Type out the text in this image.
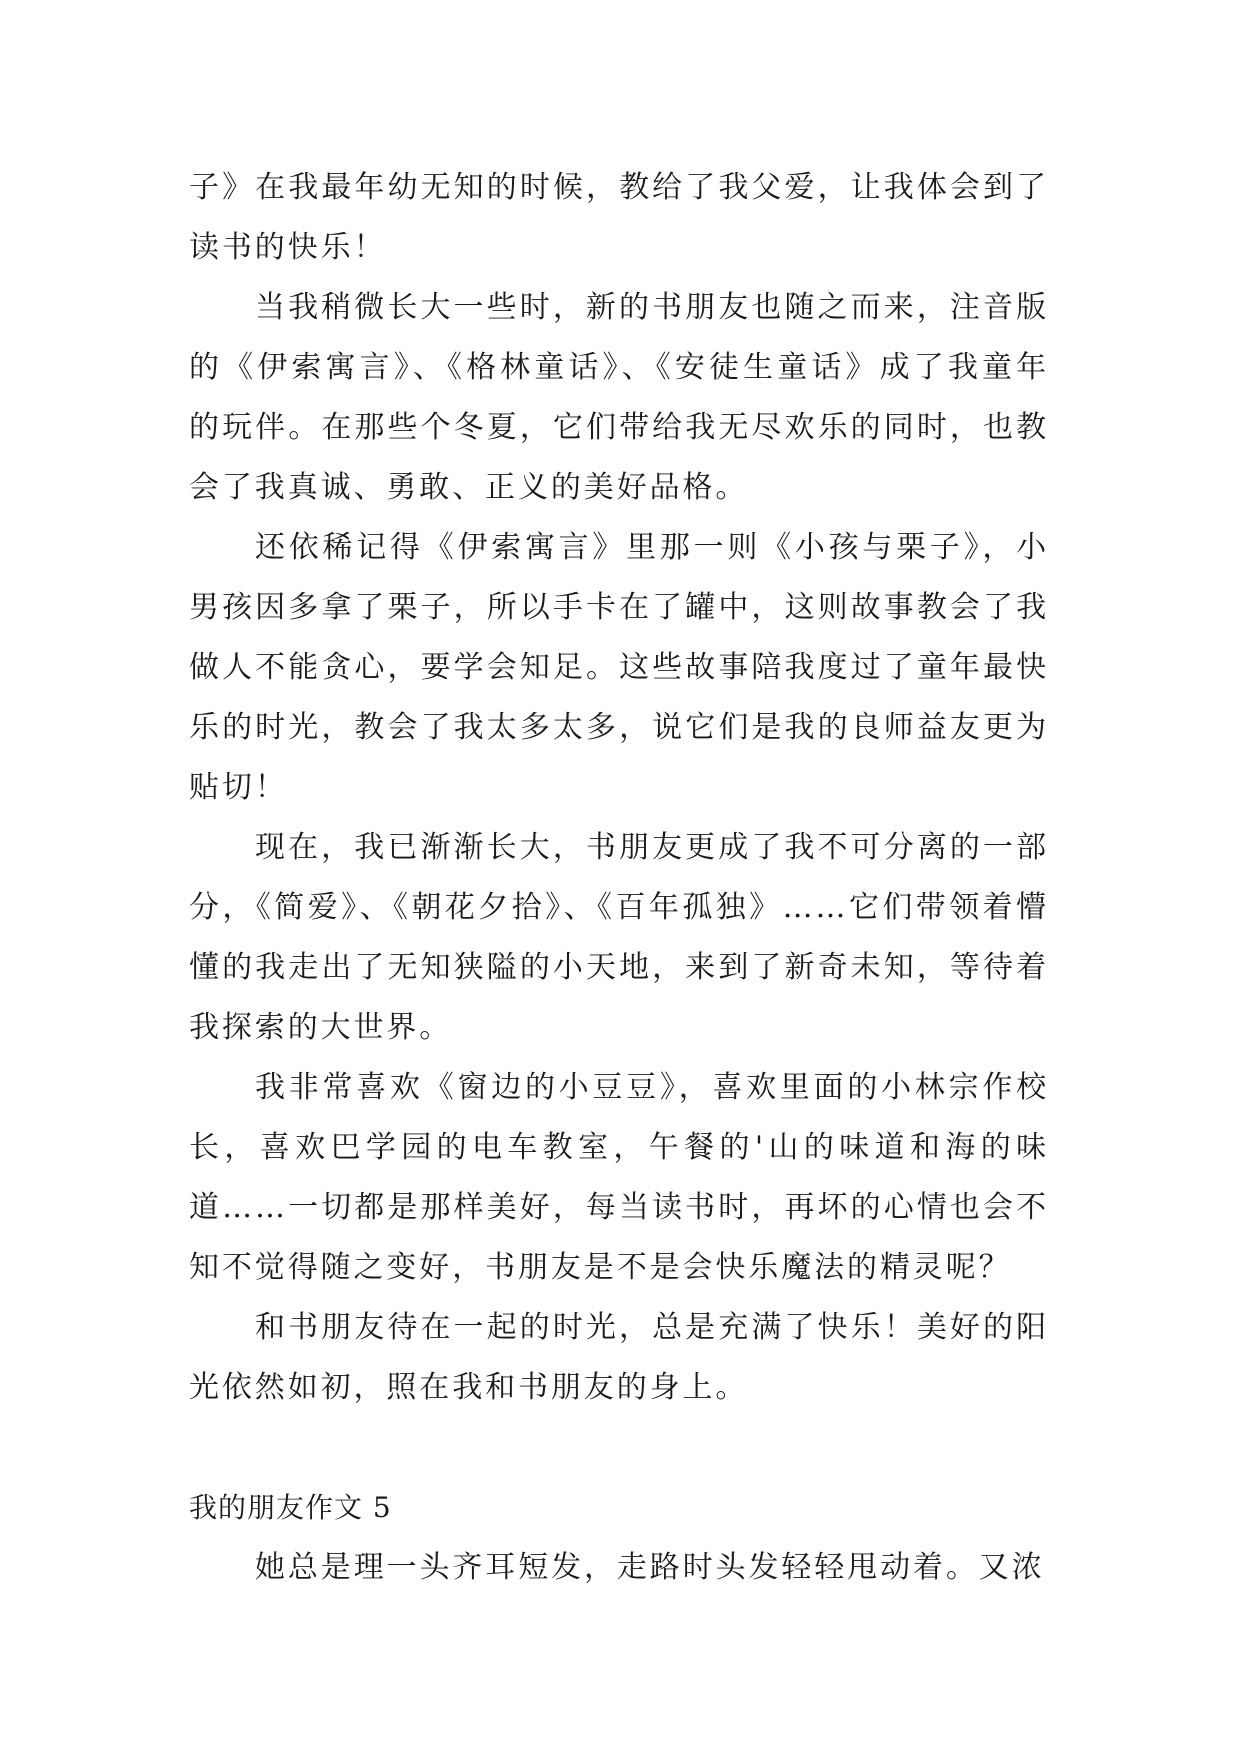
子》在我最年幼无知的时候，教给了我父爱，让我体会到了读书的快乐！

当我稍微长大一些时，新的书朋友也随之而来，注音版的《伊索寓言》、《格林童话》、《安徒生童话》成了我童年的玩伴。在那些个冬夏，它们带给我无尽欢乐的同时，也教会了我真诚、勇敢、正义的美好品格。

还依稀记得《伊索寓言》里那一则《小孩与栗子》，小男孩因多拿了栗子，所以手卡在了罐中，这则故事教会了我做人不能贪心，要学会知足。这些故事陪我度过了童年最快乐的时光，教会了我太多太多，说它们是我的良师益友更为贴切！

现在，我已渐渐长大，书朋友更成了我不可分离的一部分，《简爱》、《朝花夕拾》、《百年孤独》……它们带领着懵懂的我走出了无知狭隘的小天地，来到了新奇未知，等待着我探索的大世界。

我非常喜欢《窗边的小豆豆》，喜欢里面的小林宗作校长，喜欢巴学园的电车教室，午餐的'山的味道和海的味道……一切都是那样美好，每当读书时，再坏的心情也会不知不觉得随之变好，书朋友是不是会快乐魔法的精灵呢？

和书朋友待在一起的时光，总是充满了快乐！美好的阳光依然如初，照在我和书朋友的身上。

我的朋友作文 5

她总是理一头齐耳短发，走路时头发轻轻甩动着。又浓
